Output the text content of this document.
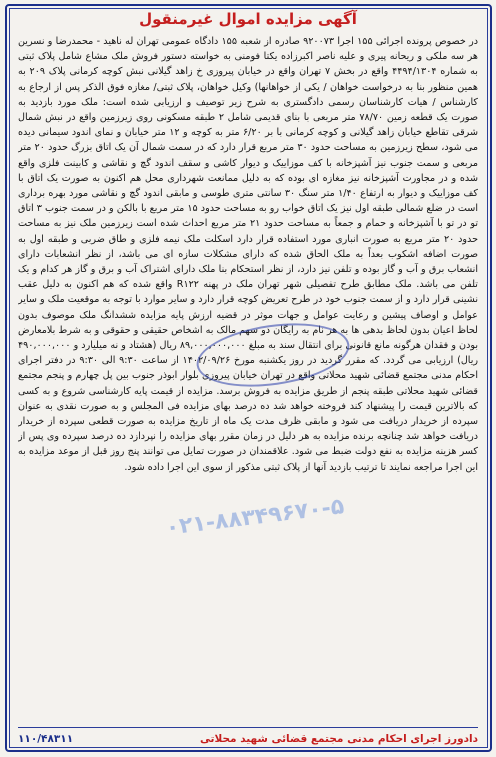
آگهی مزایده اموال غیرمنقول

در خصوص پرونده اجرائی ۱۵۵ اجرا ۹۲۰۰۷۳ صادره از شعبه ۱۵۵ دادگاه عمومی تهران له ناهید - محمدرضا و نسرین هر سه ملکی و ریحانه پیری و علیه ناصر اکبرزاده یکتا فومنی به خواسته دستور فروش ملک مشاع شامل پلاک ثبتی به شماره ۴۴۹۴/۱۳۰۴ واقع در بخش ۷ تهران واقع در خیابان پیروزی خ زاهد گیلانی نبش کوچه کرمانی پلاک ۲۰۹ به همین منظور بنا به درخواست خواهان / یکی از خواهانها) وکیل خواهان، پلاک ثبتی/ مغازه فوق الذکر پس از ارجاع به کارشناس / هیات کارشناسان رسمی دادگستری به شرح زیر توصیف و ارزیابی شده است: ملک مورد بازدید به صورت یک قطعه زمین ۷۸/۷۰ متر مربعی با بنای قدیمی شامل ۲ طبقه مسکونی روی زیرزمین واقع در نبش شمال شرقی تقاطع خیابان زاهد گیلانی و کوچه کرمانی با بر ۶/۲۰ متر به کوچه و ۱۲ متر خیابان و نمای اندود سیمانی دیده می شود، سطح زیرزمین به مساحت حدود ۳۰ متر مربع قرار دارد که در سمت شمال آن یک اتاق بزرگ حدود ۲۰ متر مربعی و سمت جنوب نیز آشپزخانه با کف موزاییک و دیوار کاشی و سقف اندود گچ و نقاشی و کابینت فلزی واقع شده و در مجاورت آشپزخانه نیز مغازه ای بوده که به دلیل ممانعت شهرداری محل هم اکنون به صورت یک اتاق با کف موزاییک و دیوار به ارتفاع ۱/۴۰ متر سنگ ۳۰ سانتی متری طوسی و مابقی اندود گچ و نقاشی مورد بهره برداری است در ضلع شمالی طبقه اول نیز یک اتاق خواب رو به مساحت حدود ۱۵ متر مربع با بالکن و در سمت جنوب ۳ اتاق تو در تو با آشپزخانه و حمام و جمعاً به مساحت حدود ۲۱ متر مربع احداث شده است زیرزمین ملک نیز به مساحت حدود ۲۰ متر مربع به صورت انباری مورد استفاده قرار دارد اسکلت ملک نیمه فلزی و طاق ضربی و طبقه اول به صورت اضافه اشکوب بعداً به ملک الحاق شده که دارای مشکلات سازه ای می باشد، از نظر انشعابات دارای انشعاب برق و آب و گاز بوده و تلفن نیز دارد، از نظر استحکام بنا ملک دارای اشتراک آب و برق و گاز هر کدام و یک تلفن می باشد. ملک مطابق طرح تفصیلی شهر تهران ملک در پهنه R۱۲۲ واقع شده که هم اکنون به دلیل عقب نشینی قرار دارد و از سمت جنوب خود در طرح تعریض کوچه قرار دارد و سایر موارد با توجه به موقعیت ملک و سایر عوامل و اوصاف پیشین و رعایت عوامل و جهات موثر در قضیه ارزش پایه مزایده ششدانگ ملک موصوف بدون لحاظ اعیان بدون لحاظ بدهی ها به هر نام به رایگان دو سهم مالک به اشخاص حقیقی و حقوقی و به شرط بلامعارض بودن و فقدان هرگونه مانع قانونی برای انتقال سند به مبلغ ۸۹,۰۰۰,۰۰۰,۰۰۰ ریال (هشتاد و نه میلیارد و ۴۹۰,۰۰۰,۰۰۰ ریال) ارزیابی می گردد. که مقرر گردید در روز یکشنبه مورخ ۱۴۰۲/۰۹/۲۶ از ساعت ۹:۳۰ الی ۹:۳۰ در دفتر اجرای احکام مدنی مجتمع قضائی شهید محلاتی واقع در تهران خیابان پیروزی بلوار ابوذر جنوب بین پل چهارم و پنجم مجتمع قضائی شهید محلاتی طبقه پنجم از طریق مزایده به فروش برسد. مزایده از قیمت پایه کارشناسی شروع و به کسی که بالاترین قیمت را پیشنهاد کند فروخته خواهد شد ده درصد بهای مزایده فی المجلس و به صورت نقدی به عنوان سپرده از خریدار دریافت می شود و مابقی ظرف مدت یک ماه از تاریخ مزایده به صورت قطعی سپرده از خریدار دریافت خواهد شد چنانچه برنده مزایده به هر دلیل در زمان مقرر بهای مزایده را نپردازد ده درصد سپرده وی پس از کسر هزینه مزایده به نفع دولت ضبط می شود. علاقمندان در صورت تمایل می توانند پنج روز قبل از موعد مزایده به این اجرا مراجعه نمایند تا ترتیب بازدید آنها از پلاک ثبتی مذکور از سوی این اجرا داده شود.

۰۲۱-۸۸۳۴۹۶۷۰-۵
دادورز اجرای احکام مدنی مجتمع قضائی شهید محلاتی
۱۱۰/۴۸۳۱۱
